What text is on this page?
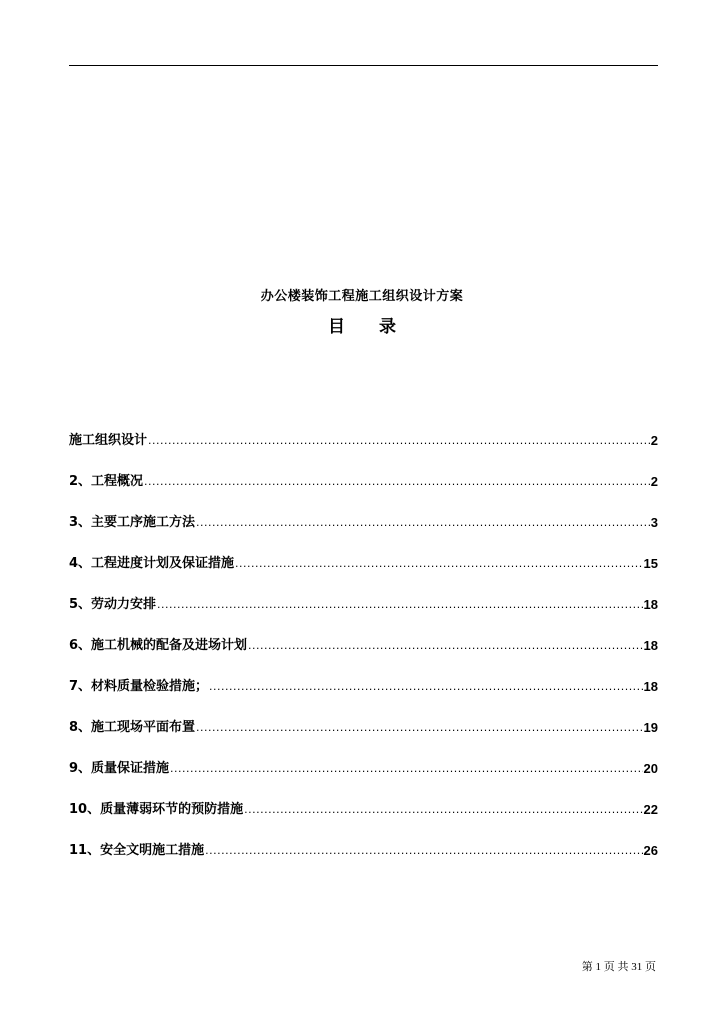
办公楼装饰工程施工组织设计方案
目 录
施工组织设计 .....	2
2、工程概况 .....	2
3、主要工序施工方法 .....	3
4、工程进度计划及保证措施 .....	15
5、劳动力安排 .....	18
6、施工机械的配备及进场计划 .....	18
7、材料质量检验措施； .....	18
8、施工现场平面布置 .....	19
9、质量保证措施 .....	20
10、质量薄弱环节的预防措施 .....	22
11、安全文明施工措施 .....	26
第 1 页 共 31 页
